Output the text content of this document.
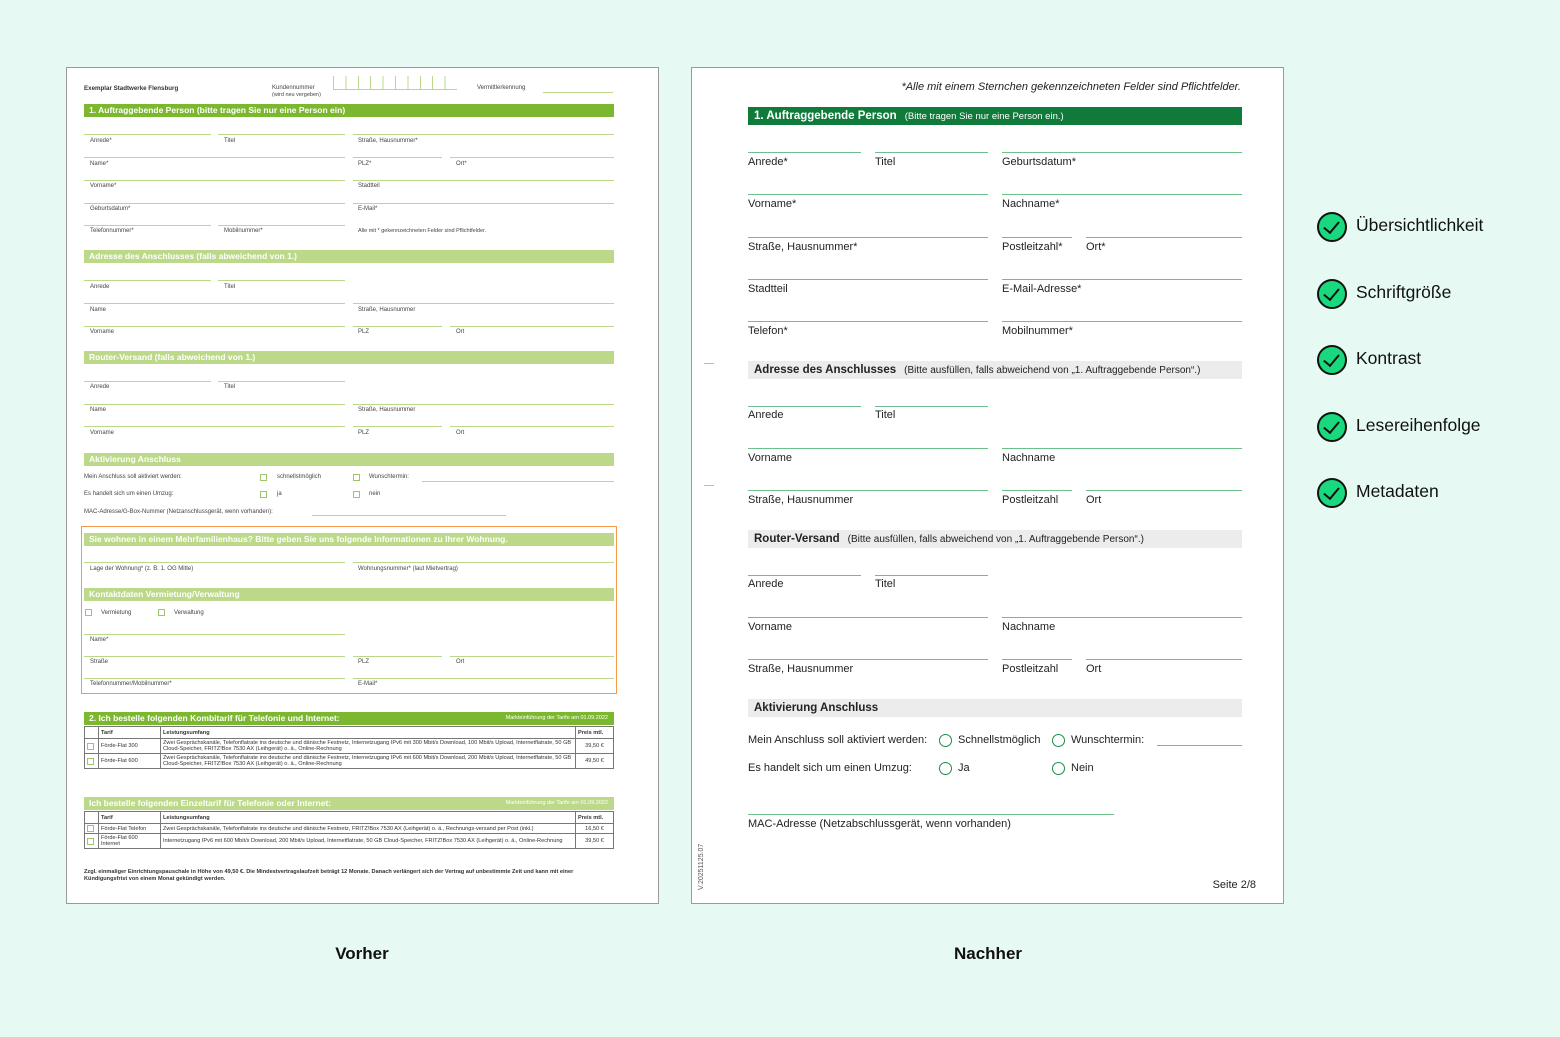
Exemplar Stadtwerke Flensburg	Kundennummer
(wird neu vergeben)
Vermittlerkennung
1. Auftraggebende Person (bitte tragen Sie nur eine Person ein)
Anrede*	Titel	Straße, Hausnummer*
Name*	PLZ*	Ort*
Vorname*	Stadtteil
Geburtsdatum*	E-Mail*
Telefonnummer*	Mobilnummer*	Alle mit * gekennzeichneten Felder sind Pflichtfelder.
Adresse des Anschlusses (falls abweichend von 1.)
Anrede	Titel
Name	Straße, Hausnummer
Vorname	PLZ	Ort
Router-Versand (falls abweichend von 1.)
Anrede	Titel
Name	Straße, Hausnummer
Vorname	PLZ	Ort
Aktivierung Anschluss
Mein Anschluss soll aktiviert werden:	schnellstmöglich	Wunschtermin:
Es handelt sich um einen Umzug:	ja	nein
MAC-Adresse/G-Box-Nummer (Netzanschlussgerät, wenn vorhanden):
Sie wohnen in einem Mehrfamilienhaus? Bitte geben Sie uns folgende Informationen zu Ihrer Wohnung.
Lage der Wohnung* (z. B. 1. OG Mitte)	Wohnungsnummer* (laut Mietvertrag)
Kontaktdaten Vermietung/Verwaltung
Vermietung	Verwaltung
Name*
Straße	PLZ	Ort
Telefonnummer/Mobilnummer*	E-Mail*
2. Ich bestelle folgenden Kombitarif für Telefonie und Internet:	Markteinführung der Tarife am 01.09.2022
	Tarif	Leistungsumfang	Preis mtl.

	Förde-Flat 300	Zwei Gesprächskanäle, Telefonflatrate ins deutsche und dänische Festnetz, Internetzugang IPv6 mit 300 Mbit/s Download, 100 Mbit/s Upload, Internetflatrate, 50 GB Cloud-Speicher, FRITZ!Box 7530 AX (Leihgerät) o. ä., Online-Rechnung	39,50 €

	Förde-Flat 600	Zwei Gesprächskanäle, Telefonflatrate ins deutsche und dänische Festnetz, Internetzugang IPv6 mit 600 Mbit/s Download, 200 Mbit/s Upload, Internetflatrate, 50 GB Cloud-Speicher, FRITZ!Box 7530 AX (Leihgerät) o. ä., Online-Rechnung	49,50 €
Ich bestelle folgenden Einzeltarif für Telefonie oder Internet:	Markteinführung der Tarife am 01.09.2022
	Tarif	Leistungsumfang	Preis mtl.

	Förde-Flat Telefon	Zwei Gesprächskanäle, Telefonflatrate ins deutsche und dänische Festnetz, FRITZ!Box 7530 AX (Leihgerät) o. ä., Rechnungs-versand per Post (inkl.)	16,50 €

	Förde-Flat 600 Internet	Internetzugang IPv6 mit 600 Mbit/s Download, 200 Mbit/s Upload, Internetflatrate, 50 GB Cloud-Speicher, FRITZ!Box 7530 AX (Leihgerät) o. ä., Online-Rechnung	39,50 €
Zzgl. einmaliger Einrichtungspauschale in Höhe von 49,50 €. Die Mindestvertragslaufzeit beträgt 12 Monate. Danach verlängert sich der Vertrag auf unbestimmte Zeit und kann mit einer Kündigungsfrist von einem Monat gekündigt werden.
Vorher
*Alle mit einem Sternchen gekennzeichneten Felder sind Pflichtfelder.
1. Auftraggebende Person (Bitte tragen Sie nur eine Person ein.)
Anrede*	Titel	Geburtsdatum*
Vorname*	Nachname*
Straße, Hausnummer*	Postleitzahl* Ort*
Stadtteil	E-Mail-Adresse*
Telefon*	Mobilnummer*
Adresse des Anschlusses (Bitte ausfüllen, falls abweichend von „1. Auftraggebende Person“.)
Anrede	Titel
Vorname	Nachname
Straße, Hausnummer	Postleitzahl	Ort
Router-Versand (Bitte ausfüllen, falls abweichend von „1. Auftraggebende Person“.)
Anrede	Titel
Vorname	Nachname
Straße, Hausnummer	Postleitzahl	Ort
Aktivierung Anschluss
Mein Anschluss soll aktiviert werden:	Schnellstmöglich	Wunschtermin:
Es handelt sich um einen Umzug:	Ja	Nein
MAC-Adresse (Netzabschlussgerät, wenn vorhanden)
V.20251125.07	Seite 2/8
Nachher
Übersichtlichkeit
Schriftgröße
Kontrast
Lesereihenfolge
Metadaten
